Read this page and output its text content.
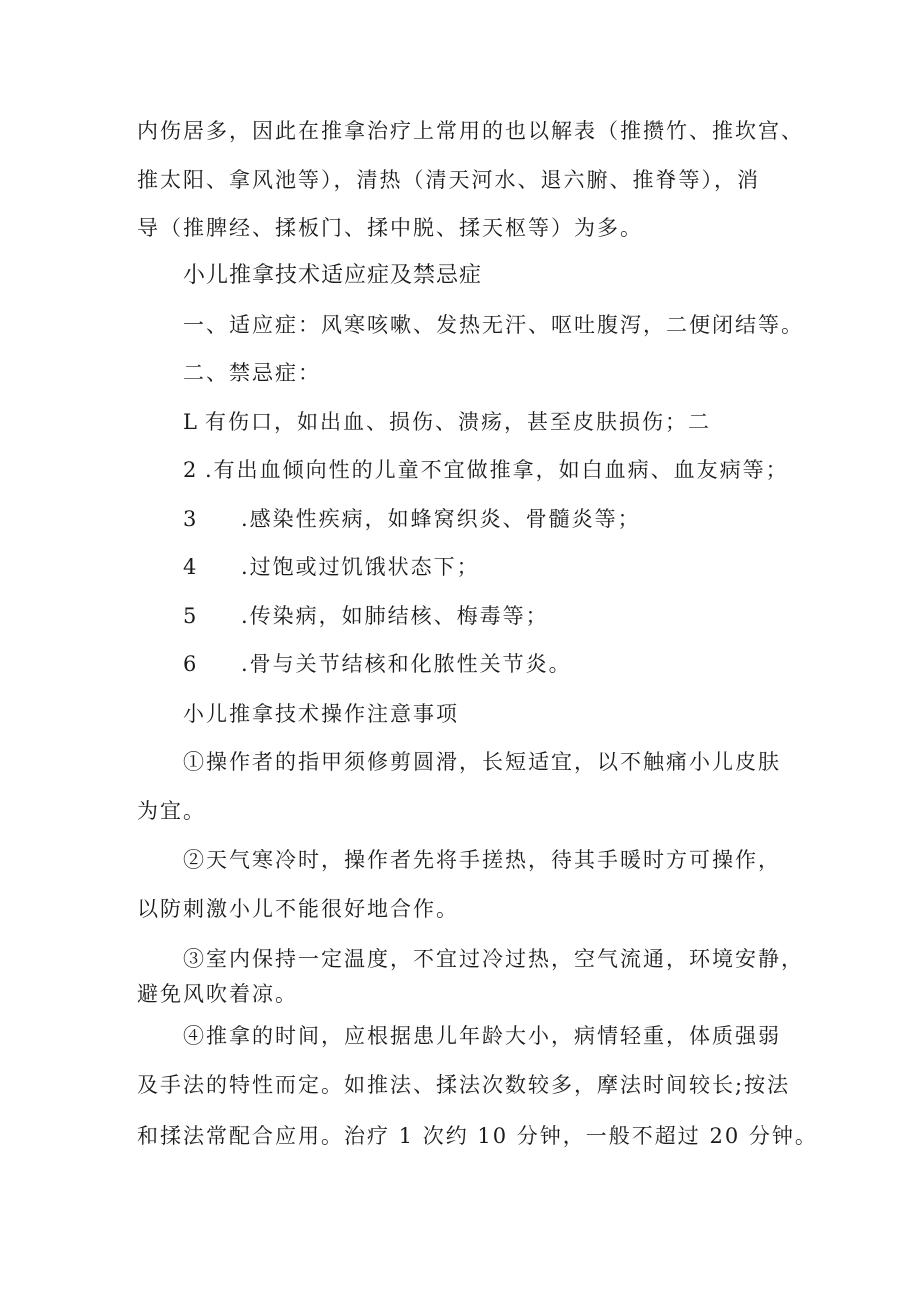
内伤居多，因此在推拿治疗上常用的也以解表（推攒竹、推坎宫、
推太阳、拿风池等），清热（清天河水、退六腑、推脊等），消
导（推脾经、揉板门、揉中脱、揉天枢等）为多。
小儿推拿技术适应症及禁忌症
一、适应症：风寒咳嗽、发热无汗、呕吐腹泻，二便闭结等。
二、禁忌症：
L 有伤口，如出血、损伤、溃疡，甚至皮肤损伤；二
2 .有出血倾向性的儿童不宜做推拿，如白血病、血友病等；
3 .感染性疾病，如蜂窝织炎、骨髓炎等；
4 .过饱或过饥饿状态下；
5 .传染病，如肺结核、梅毒等；
6 .骨与关节结核和化脓性关节炎。
小儿推拿技术操作注意事项
①操作者的指甲须修剪圆滑，长短适宜，以不触痛小儿皮肤
为宜。
②天气寒冷时，操作者先将手搓热，待其手暖时方可操作，
以防刺激小儿不能很好地合作。
③室内保持一定温度，不宜过冷过热，空气流通，环境安静，
避免风吹着凉。
④推拿的时间，应根据患儿年龄大小，病情轻重，体质强弱
及手法的特性而定。如推法、揉法次数较多，摩法时间较长;按法
和揉法常配合应用。治疗 1 次约 10 分钟，一般不超过 20 分钟。
